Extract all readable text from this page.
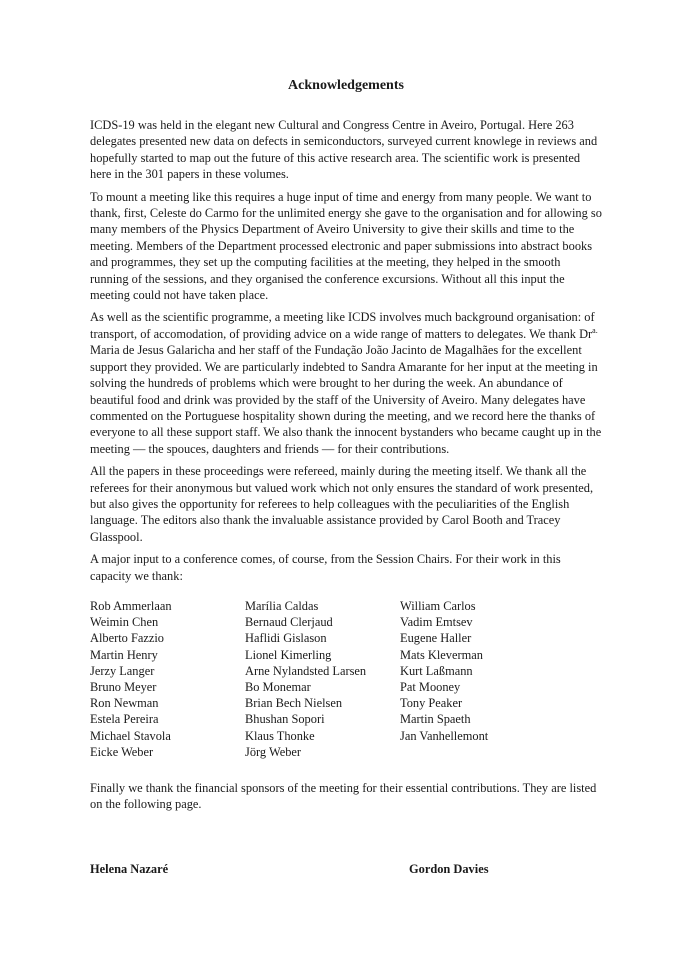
Acknowledgements

ICDS-19 was held in the elegant new Cultural and Congress Centre in Aveiro, Portugal. Here 263 delegates presented new data on defects in semiconductors, surveyed current knowlege in reviews and hopefully started to map out the future of this active research area. The scientific work is presented here in the 301 papers in these volumes.

To mount a meeting like this requires a huge input of time and energy from many people. We want to thank, first, Celeste do Carmo for the unlimited energy she gave to the organisation and for allowing so many members of the Physics Department of Aveiro University to give their skills and time to the meeting. Members of the Department processed electronic and paper submissions into abstract books and programmes, they set up the computing facilities at the meeting, they helped in the smooth running of the sessions, and they organised the conference excursions. Without all this input the meeting could not have taken place.

As well as the scientific programme, a meeting like ICDS involves much background organisation: of transport, of accomodation, of providing advice on a wide range of matters to delegates. We thank $Dr^{a.}$ Maria de Jesus Galaricha and her staff of the Fundação João Jacinto de Magalhães for the excellent support they provided. We are particularly indebted to Sandra Amarante for her input at the meeting in solving the hundreds of problems which were brought to her during the week. An abundance of beautiful food and drink was provided by the staff of the University of Aveiro. Many delegates have commented on the Portuguese hospitality shown during the meeting, and we record here the thanks of everyone to all these support staff. We also thank the innocent bystanders who became caught up in the meeting — the spouces, daughters and friends — for their contributions.

All the papers in these proceedings were refereed, mainly during the meeting itself. We thank all the referees for their anonymous but valued work which not only ensures the standard of work presented, but also gives the opportunity for referees to help colleagues with the peculiarities of the English language. The editors also thank the invaluable assistance provided by Carol Booth and Tracey Glasspool.

A major input to a conference comes, of course, from the Session Chairs. For their work in this capacity we thank:

Rob Ammerlaan
Weimin Chen
Alberto Fazzio
Martin Henry
Jerzy Langer
Bruno Meyer
Ron Newman
Estela Pereira
Michael Stavola
Eicke Weber
Marília Caldas
Bernaud Clerjaud
Haflidi Gislason
Lionel Kimerling
Arne Nylandsted Larsen
Bo Monemar
Brian Bech Nielsen
Bhushan Sopori
Klaus Thonke
Jörg Weber
William Carlos
Vadim Emtsev
Eugene Haller
Mats Kleverman
Kurt Laßmann
Pat Mooney
Tony Peaker
Martin Spaeth
Jan Vanhellemont

Finally we thank the financial sponsors of the meeting for their essential contributions. They are listed on the following page.

Helena Nazaré	Gordon Davies
